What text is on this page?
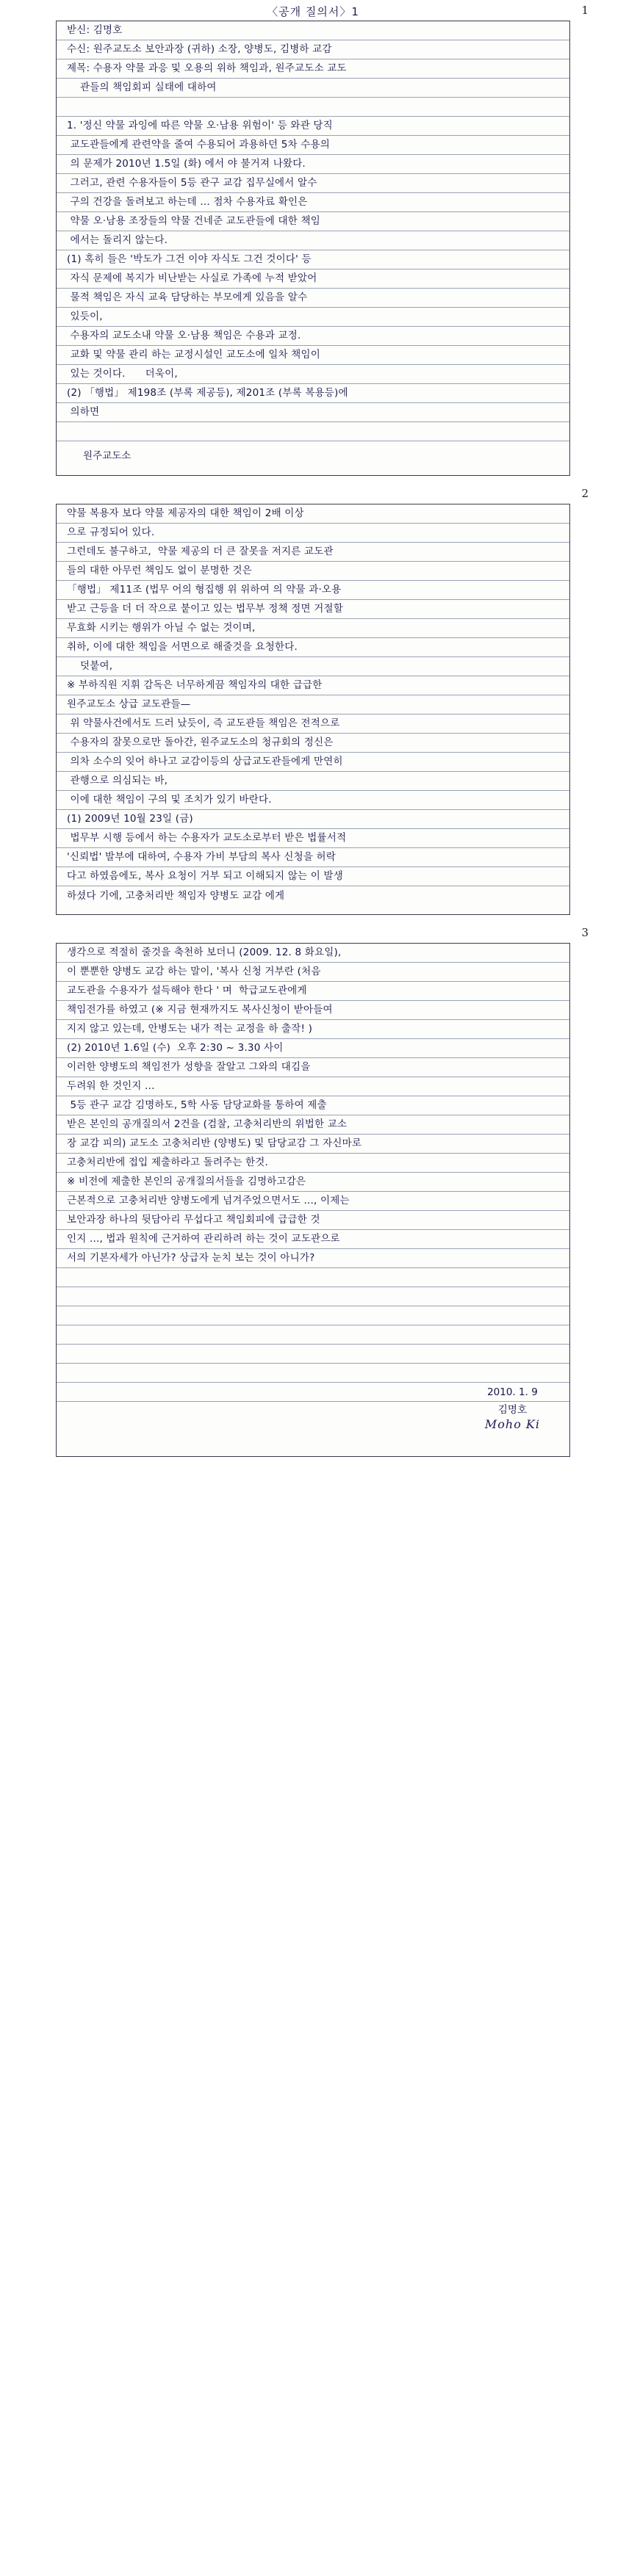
〈공개 질의서〉1	1
받신: 김명호
수신: 원주교도소 보안과장 (귀하) 소장, 양병도, 김병하 교감
제목: 수용자 약물 과응 및 오용의 위하 책임과, 원주교도소 교도
관들의 책임회피 실태에 대하여
1. '정신 약물 과잉에 따른 약물 오·남용 위험이' 등 와관 당직
교도관들에게 관련약을 줄여 수용되어 과용하던 5차 수용의
의 문제가 2010년 1.5일 (화) 에서 야 불거져 나왔다.
그러고, 관련 수용자들이 5등 관구 교감 집무실에서 알수
구의 건강을 돌려보고 하는데 ... 점차 수용자료 확인은
약물 오·남용 조장들의 약물 건네준 교도관들에 대한 책임
에서는 돌리지 않는다.
(1) 혹히 들은 '박도가 그건 이야 자식도 그건 것이다' 등
자식 문제에 복지가 비난받는 사실로 가족에 누적 받았어
물적 책임은 자식 교육 담당하는 부모에게 있음을 알수
있듯이,
수용자의 교도소내 약물 오·남용 책임은 수용과 교정.
교화 및 약물 관리 하는 교정시설인 교도소에 일차 책임이
있는 것이다.      더욱이,
(2) 「행법」 제198조 (부록 제공등), 제201조 (부록 복용등)에
의하면

원주교도소
2
약물 복용자 보다 약물 제공자의 대한 책임이 2배 이상
으로 규정되어 있다.
그런데도 불구하고,  약물 제공의 더 큰 잘못을 저지른 교도관
들의 대한 아무런 책임도 없이 분명한 것은
「행법」 제11조 (법무 어의 형집행 위 위하여 의 약물 과·오용
받고 근등을 더 더 작으로 붙이고 있는 법무부 정책 정면 거절할
무효화 시키는 행위가 아닐 수 없는 것이며,
취하, 이에 대한 책임을 서면으로 해줄것을 요청한다.
덧붙여,
※ 부하직원 지휘 감독은 너무하게끔 책임자의 대한 급급한
원주교도소 상급 교도관들—
위 약물사건에서도 드러 났듯이, 즉 교도관들 책임은 전적으로
수용자의 잘못으로만 돌아간, 원주교도소의 청규회의 정신은
의차 소수의 잊어 하나고 교감이등의 상급교도관들에게 만연히
관행으로 의심되는 바,
이에 대한 책임이 구의 및 조치가 있기 바란다.
(1) 2009년 10월 23일 (금)
법무부 시행 등에서 하는 수용자가 교도소로부터 받은 법률서적
'신뢰법' 발부에 대하여, 수용자 가비 부담의 복사 신청을 허락
다고 하였음에도, 복사 요청이 거부 되고 이해되지 않는 이 발생
하셨다 기에, 고충처리반 책임자 양병도 교감 에게
3
생각으로 적절히 줄것을 축천하 보더니 (2009. 12. 8 화요일),
이 뿐뿐한 양병도 교감 하는 말이, '복사 신청 거부란 (처음
교도관을 수용자가 설득해야 한다 ' 며  학급교도관에게
책임전가를 하였고 (※ 지금 현재까지도 복사신청이 받아들여
지지 않고 있는데, 안병도는 내가 적는 교정을 하 출작! )
(2) 2010년 1.6일 (수)  오후 2:30 ~ 3.30 사이
이러한 양병도의 책임전가 성향을 잘알고 그와의 대김을
두려워 한 것인지 ...
5등 관구 교감 김명하도, 5학 사동 담당교화를 통하여 제출
받은 본인의 공개질의서 2건을 (검찰, 고충처리반의 위법한 교소
장 교감 피의) 교도소 고충처리반 (양병도) 및 담당교감 그 자신마로
고충처리반에 접입 제출하라고 돌려주는 한것.
※ 비전에 제출한 본인의 공개질의서들을 김명하고감은
근본적으로 고충처리반 양병도에게 넘겨주었으면서도 ..., 이제는
보안과장 하나의 뒷담아리 무섭다고 책임회피에 급급한 것
인지 ..., 법과 원칙에 근거하여 관리하려 하는 것이 교도관으로
서의 기본자세가 아닌가? 상급자 눈치 보는 것이 아니가?

2010. 1. 9
김명호
Moho Ki
